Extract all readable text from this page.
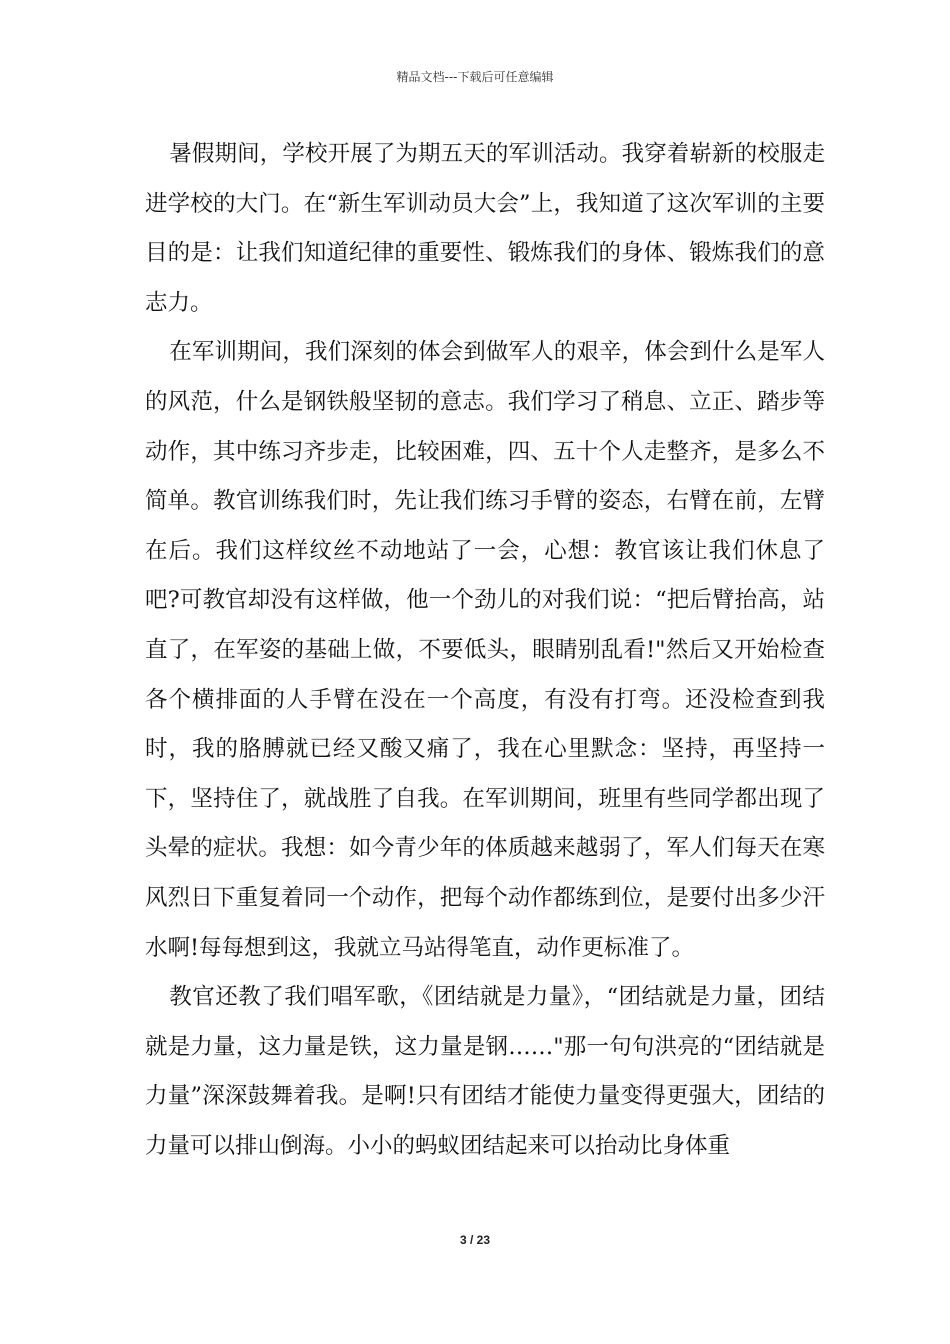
精品文档---下载后可任意编辑

暑假期间，学校开展了为期五天的军训活动。我穿着崭新的校服走进学校的大门。在“新生军训动员大会”上，我知道了这次军训的主要目的是：让我们知道纪律的重要性、锻炼我们的身体、锻炼我们的意志力。

在军训期间，我们深刻的体会到做军人的艰辛，体会到什么是军人的风范，什么是钢铁般坚韧的意志。我们学习了稍息、立正、踏步等动作，其中练习齐步走，比较困难，四、五十个人走整齐，是多么不简单。教官训练我们时，先让我们练习手臂的姿态，右臂在前，左臂在后。我们这样纹丝不动地站了一会，心想：教官该让我们休息了吧?可教官却没有这样做，他一个劲儿的对我们说：“把后臂抬高，站直了，在军姿的基础上做，不要低头，眼睛别乱看!"然后又开始检查各个横排面的人手臂在没在一个高度，有没有打弯。还没检查到我时，我的胳膊就已经又酸又痛了，我在心里默念：坚持，再坚持一下，坚持住了，就战胜了自我。在军训期间，班里有些同学都出现了头晕的症状。我想：如今青少年的体质越来越弱了，军人们每天在寒风烈日下重复着同一个动作，把每个动作都练到位，是要付出多少汗水啊!每每想到这，我就立马站得笔直，动作更标准了。

教官还教了我们唱军歌，《团结就是力量》，“团结就是力量，团结就是力量，这力量是铁，这力量是钢……"那一句句洪亮的“团结就是力量”深深鼓舞着我。是啊!只有团结才能使力量变得更强大，团结的力量可以排山倒海。小小的蚂蚁团结起来可以抬动比身体重

3 / 23
